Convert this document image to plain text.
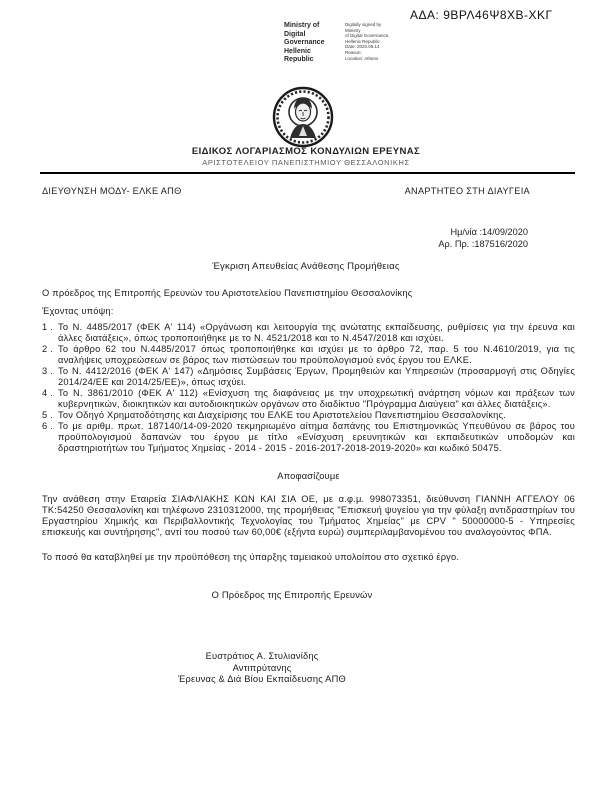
Ministry of Digital
Governance
Hellenic Republic
Digitally signed by Ministry
of Digital Governance,
Hellenic Republic
Date: 2020.09.14
Reason:
Location: Athens
ΑΔΑ: 9ΒΡΛ46Ψ8ΧΒ-ΧΚΓ
ΕΙΔΙΚΟΣ ΛΟΓΑΡΙΑΣΜΟΣ ΚΟΝΔΥΛΙΩΝ ΕΡΕΥΝΑΣ
ΑΡΙΣΤΟΤΕΛΕΙΟΥ ΠΑΝΕΠΙΣΤΗΜΙΟΥ ΘΕΣΣΑΛΟΝΙΚΗΣ
ΔΙΕΥΘΥΝΣΗ ΜΟΔΥ- ΕΛΚΕ ΑΠΘ	ΑΝΑΡΤΗΤΕΟ ΣΤΗ ΔΙΑΥΓΕΙΑ
Ημ/νία :14/09/2020
Αρ. Πρ. :187516/2020
Έγκριση Απευθείας Ανάθεσης Προμήθειας
Ο πρόεδρος της Επιτροπής Ερευνών του Αριστοτελείου Πανεπιστημίου Θεσσαλονίκης
Έχοντας υπόψη:
1 . Το Ν. 4485/2017 (ΦΕΚ Α' 114) «Οργάνωση και λειτουργία της ανώτατης εκπαίδευσης, ρυθμίσεις για την έρευνα και άλλες διατάξεις», όπως τροποποιήθηκε με το Ν. 4521/2018 και το Ν.4547/2018 και ισχύει.
2 . Το άρθρο 62 του Ν.4485/2017 όπως τροποποιήθηκε και ισχύει με το άρθρο 72, παρ. 5 του Ν.4610/2019, για τις αναλήψεις υποχρεώσεων σε βάρος των πιστώσεων του προϋπολογισμού ενός έργου του ΕΛΚΕ.
3 . Το Ν. 4412/2016 (ΦΕΚ Α' 147) «Δημόσιες Συμβάσεις Έργων, Προμηθειών και Υπηρεσιών (προσαρμογή στις Οδηγίες 2014/24/ΕΕ και 2014/25/ΕΕ)», όπως ισχύει.
4 . Το Ν. 3861/2010 (ΦΕΚ Α' 112) «Ενίσχυση της διαφάνειας με την υποχρεωτική ανάρτηση νόμων και πράξεων των κυβερνητικών, διοικητικών και αυτοδιοικητικών οργάνων στο διαδίκτυο "Πρόγραμμα Διαύγεια" και άλλες διατάξεις».
5 . Τον Οδηγό Χρηματοδότησης και Διαχείρισης του ΕΛΚΕ του Αριστοτελείου Πανεπιστημίου Θεσσαλονίκης.
6 . Το με αριθμ. πρωτ. 187140/14-09-2020 τεκμηριωμένο αίτημα δαπάνης του Επιστημονικώς Υπευθύνου σε βάρος του προϋπολογισμού δαπανών του έργου με τίτλο «Ενίσχυση ερευνητικών και εκπαιδευτικών υποδομών και δραστηριοτήτων του Τμήματος Χημείας - 2014 - 2015 - 2016-2017-2018-2019-2020» και κωδικό 50475.
Αποφασίζουμε
Την ανάθεση στην Εταιρεία ΣΙΑΦΛΙΑΚΗΣ ΚΩΝ ΚΑΙ ΣΙΑ ΟΕ, με α.φ.μ. 998073351, διεύθυνση ΓΙΑΝΝΗ ΑΓΓΕΛΟΥ 06 ΤΚ:54250 Θεσσαλονίκη και τηλέφωνο 2310312000, της προμήθειας "Επισκευή ψυγείου για την φύλαξη αντιδραστηρίων του Εργαστηρίου Χημικής και Περιβαλλοντικής Τεχνολογίας του Τμήματος Χημείας" με CPV " 50000000-5 - Υπηρεσίες επισκευής και συντήρησης", αντί του ποσού των 60,00€ (εξήντα ευρώ) συμπεριλαμβανομένου του αναλογούντος ΦΠΑ.
Το ποσό θα καταβληθεί με την προϋπόθεση της ύπαρξης ταμειακού υπολοίπου στο σχετικό έργο.
Ο Πρόεδρος της Επιτροπής Ερευνών
Ευστράτιος Α. Στυλιανίδης
Αντιπρύτανης
Έρευνας & Διά Βίου Εκπαίδευσης ΑΠΘ
